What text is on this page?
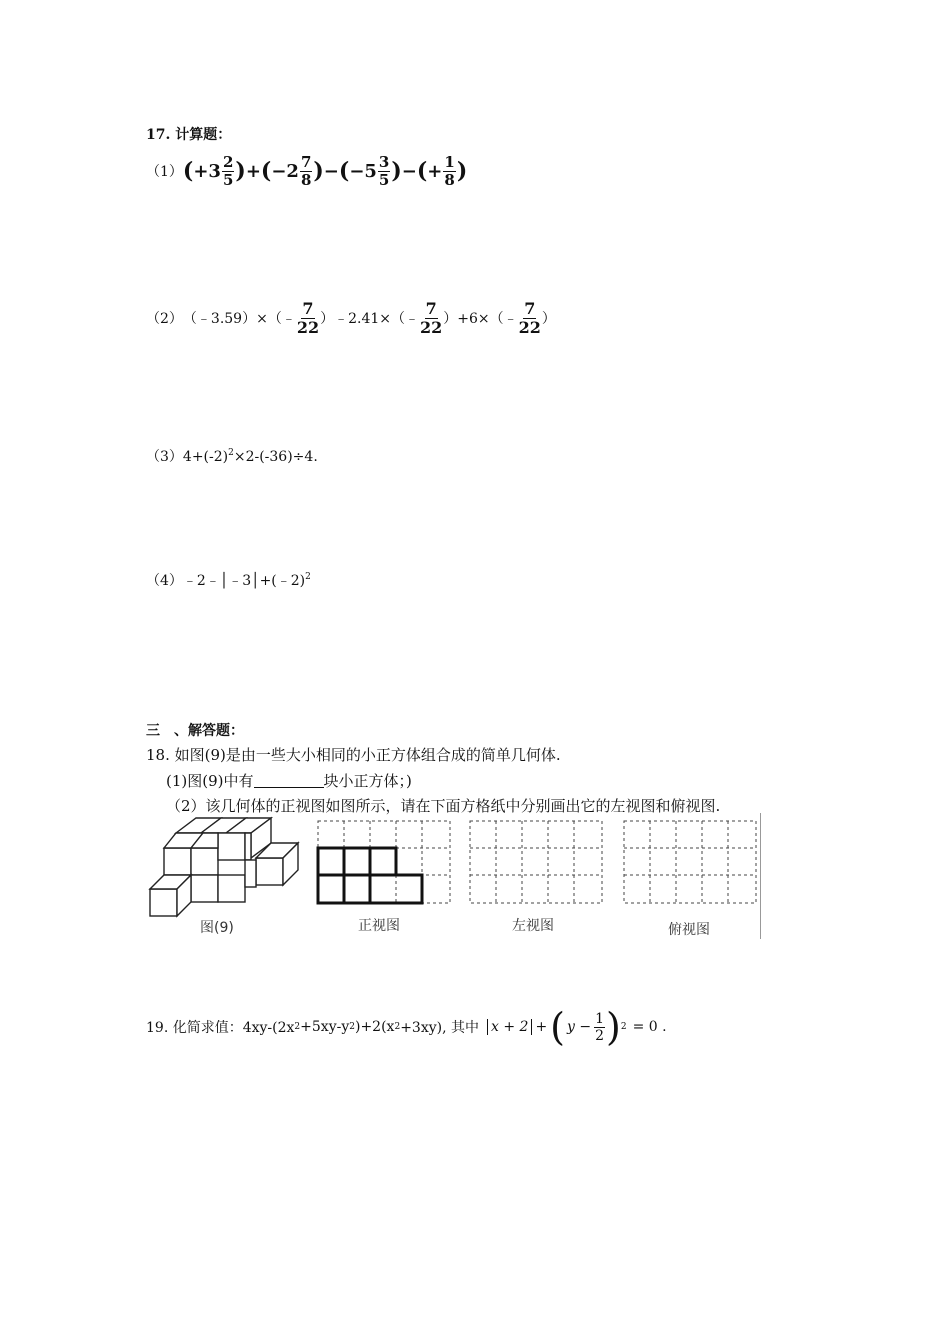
17. 计算题：
（1） ( $+3 \frac{2}{5}$ ) + ( $-2 \frac{7}{8}$ ) − ( $-5 \frac{3}{5}$ ) − ( + $\frac{1}{8}$ )
（2） （﹣3.59）×（﹣ $\frac{7}{22}$ ）﹣2.41×（﹣ $\frac{7}{22}$ ）+6×（﹣ $\frac{7}{22}$ ）
$(3)4+(-2)^2\times 2-(-36)\div 4$.
（4）﹣2﹣│﹣3│+(﹣2)$^2$
三　、解答题：
18. 如图(9)是由一些大小相同的小正方体组合成的简单几何体.
(1)图(9)中有	块小正方体；)
（2）该几何体的正视图如图所示，请在下面方格纸中分别画出它的左视图和俯视图.
图(9)	正视图	左视图	俯视图
19. 化简求值：4xy-(2x 2 +5xy-y 2 )+2(x 2 +3xy), 其中 x + 2 + ( $y - \frac{1}{2}$ ) 2 = 0 .
